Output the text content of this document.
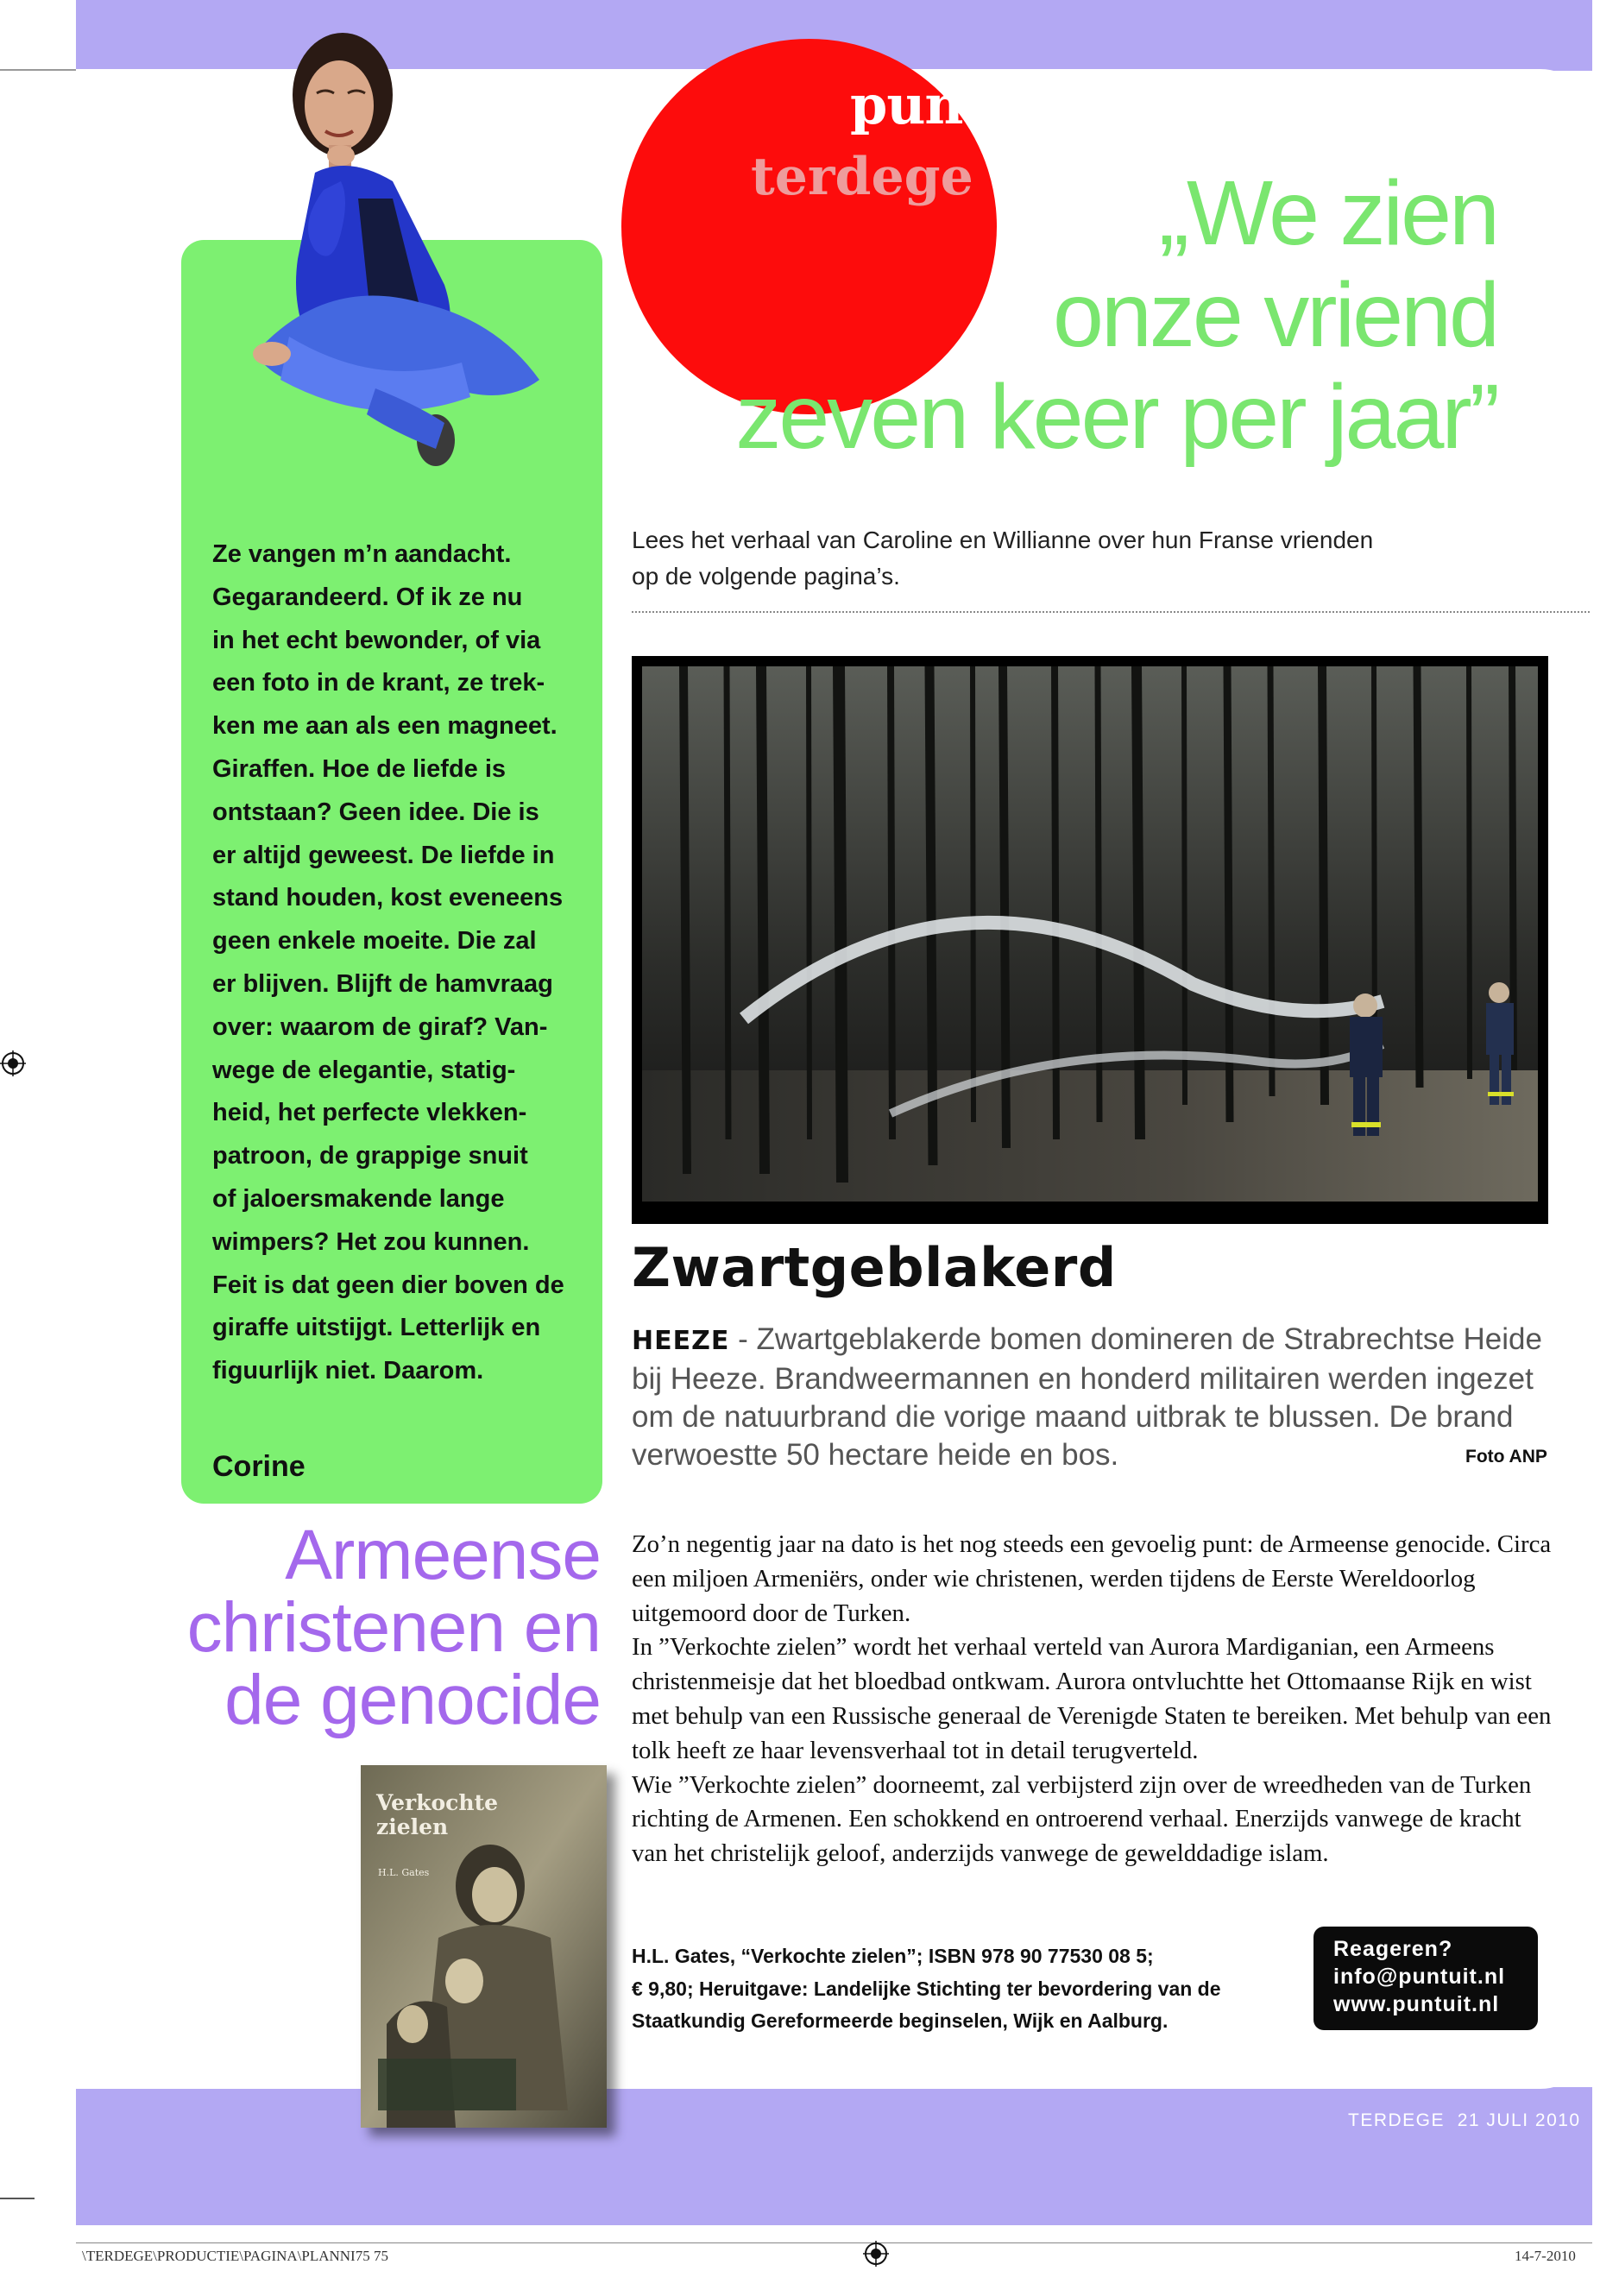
Ze vangen m’n aandacht.
Gegarandeerd. Of ik ze nu
in het echt bewonder, of via
een foto in de krant, ze trek-
ken me aan als een magneet.
Giraffen. Hoe de liefde is
ontstaan? Geen idee. Die is
er altijd geweest. De liefde in
stand houden, kost eveneens
geen enkele moeite. Die zal
er blijven. Blijft de hamvraag
over: waarom de giraf? Van-
wege de elegantie, statig-
heid, het perfecte vlekken-
patroon, de grappige snuit
of jaloersmakende lange
wimpers? Het zou kunnen.
Feit is dat geen dier boven de
giraffe uitstijgt. Letterlijk en
figuurlijk niet. Daarom.
Corine
terdege
puntuit
„We zien
onze vriend
zeven keer per jaar”
Lees het verhaal van Caroline en Willianne over hun Franse vrienden
op de volgende pagina’s.
Zwartgeblakerd
HEEZE - Zwartgeblakerde bomen domineren de Strabrechtse Heide bij Heeze. Brandweermannen en honderd militairen werden ingezet om de natuurbrand die vorige maand uitbrak te blussen. De brand verwoestte 50 hectare heide en bos.	Foto ANP
Armeense
christenen en
de genocide
Verkochte
zielen
H.L. Gates

Zo’n negentig jaar na dato is het nog steeds een gevoelig punt: de Armeense genocide. Circa een miljoen Armeniërs, onder wie christenen, werden tijdens de Eerste Wereldoorlog uitgemoord door de Turken.

In ”Verkochte zielen” wordt het verhaal verteld van Aurora Mardiganian, een Armeens christenmeisje dat het bloedbad ontkwam. Aurora ontvluchtte het Ottomaanse Rijk en wist met behulp van een Russische generaal de Verenigde Staten te bereiken. Met behulp van een tolk heeft ze haar levensverhaal tot in detail terugverteld.

Wie ”Verkochte zielen” doorneemt, zal verbijsterd zijn over de wreedheden van de Turken richting de Armenen. Een schokkend en ontroerend verhaal. Enerzijds vanwege de kracht van het christelijk geloof, anderzijds vanwege de gewelddadige islam.

H.L. Gates, “Verkochte zielen”; ISBN 978 90 77530 08 5;
€ 9,80; Heruitgave: Landelijke Stichting ter bevordering van de
Staatkundig Gereformeerde beginselen, Wijk en Aalburg.
Reageren?
info@puntuit.nl
www.puntuit.nl
TERDEGE 21 JULI 2010 75
\TERDEGE\PRODUCTIE\PAGINA\PLANNI75 75	14-7-2010
